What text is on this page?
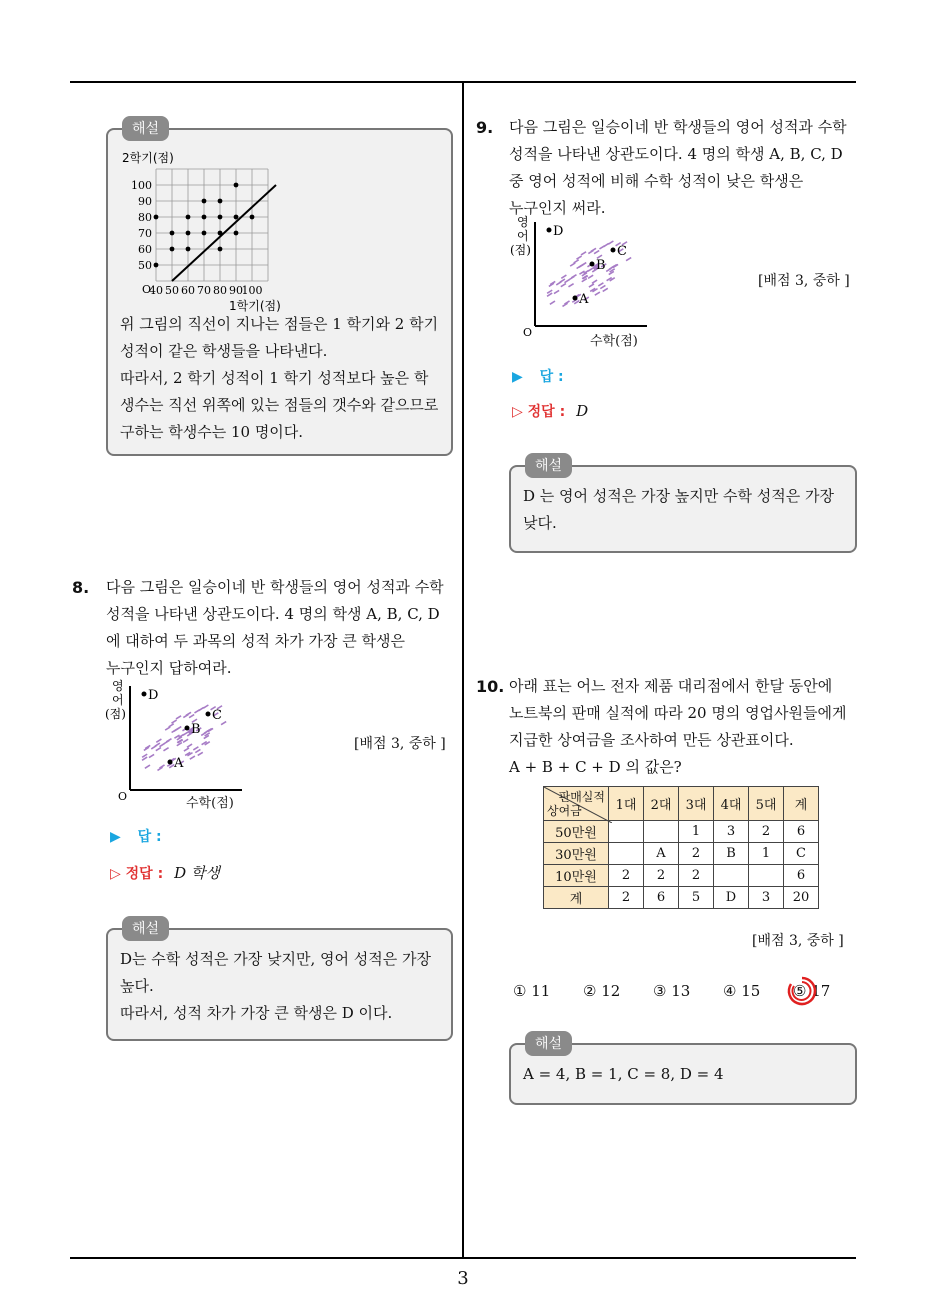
3
해설
2학기(점)
100
90
80
70
60
50
40 50 60 70 80 90
100
O
1학기(점)
위 그림의 직선이 지나는 점들은 1 학기와 2 학기
성적이 같은 학생들을 나타낸다.
따라서, 2 학기 성적이 1 학기 성적보다 높은 학
생수는 직선 위쪽에 있는 점들의 갯수와 같으므로
구하는 학생수는 10 명이다.
8. 다음 그림은 일승이네 반 학생들의 영어 성적과 수학
성적을 나타낸 상관도이다. 4 명의 학생 A, B, C, D
에 대하여 두 과목의 성적 차가 가장 큰 학생은
누구인지 답하여라.
영
어
(점)
O
D
C
B
A
수학(점)
[배점 3, 중하 ]
▶ 답 :
▷ 정답 : D 학생
해설
D는 수학 성적은 가장 낮지만, 영어 성적은 가장
높다.
따라서, 성적 차가 가장 큰 학생은 D 이다.
9. 다음 그림은 일승이네 반 학생들의 영어 성적과 수학
성적을 나타낸 상관도이다. 4 명의 학생 A, B, C, D
중 영어 성적에 비해 수학 성적이 낮은 학생은
누구인지 써라.
영
어
(점)
O
D
C
B
A
수학(점)
[배점 3, 중하 ]
▶ 답 :
▷ 정답 : D
해설
D 는 영어 성적은 가장 높지만 수학 성적은 가장
낮다.
10. 아래 표는 어느 전자 제품 대리점에서 한달 동안에
노트북의 판매 실적에 따라 20 명의 영업사원들에게
지급한 상여금을 조사하여 만든 상관표이다.
A + B + C + D 의 값은?
판매실적
상여금	1대	2대	3대	4대	5대	계
50만원			1	3	2	6
30만원		A	2	B	1	C
10만원	2	2	2			6
계	2	6	5	D	3	20
[배점 3, 중하 ]
① 11 ② 12 ③ 13 ④ 15 ⑤ 17
해설
A = 4, B = 1, C = 8, D = 4
